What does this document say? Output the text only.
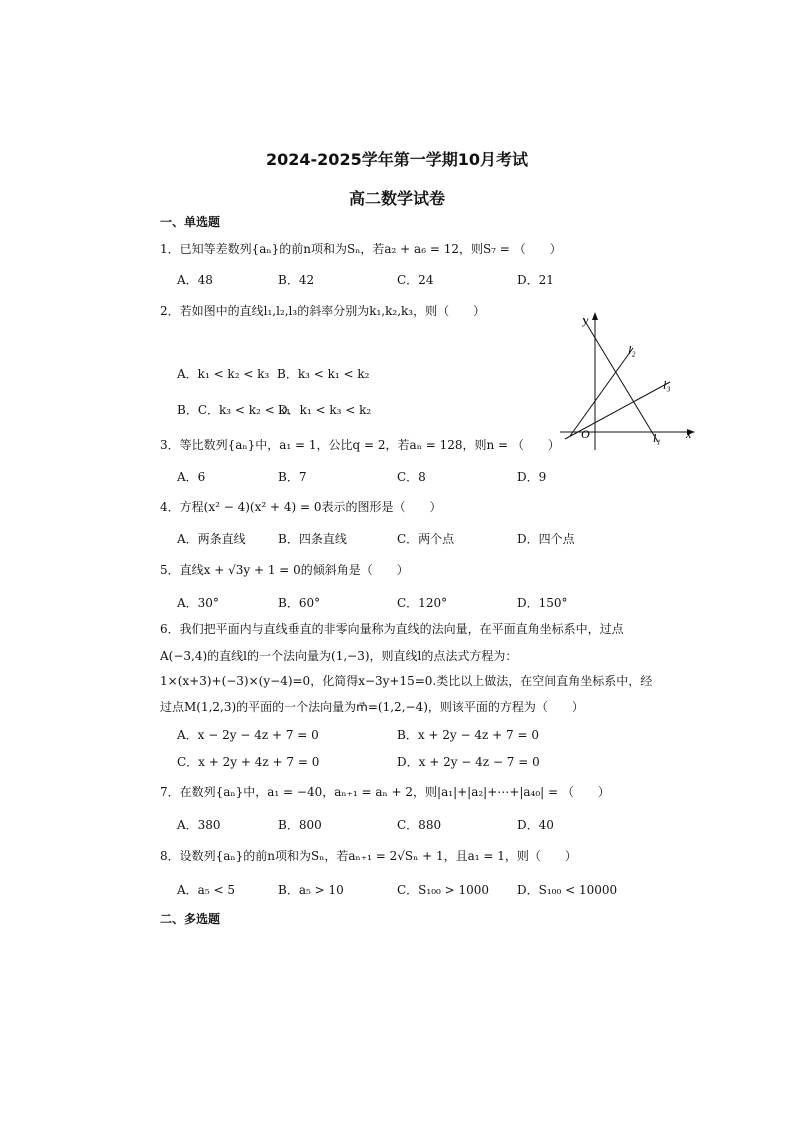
2024-2025学年第一学期10月考试
高二数学试卷
一、单选题
1．已知等差数列{aₙ}的前n项和为Sₙ，若a₂ + a₆ = 12，则S₇ = （　　）
A．48	B．42	C．24	D．21
2．若如图中的直线l₁,l₂,l₃的斜率分别为k₁,k₂,k₃，则（　　）
A．k₁ < k₂ < k₃ B．k₃ < k₁ < k₂
B．C．k₃ < k₂ < k₁
D．k₁ < k₃ < k₂
y
x
O	l₁
l₂
l₃
3．等比数列{aₙ}中，a₁ = 1，公比q = 2，若aₙ = 128，则n = （　　）
A．6	B．7	C．8	D．9
4．方程(x² − 4)(x² + 4) = 0表示的图形是（　　）
A．两条直线	B．四条直线	C．两个点	D．四个点
5．直线x + √3y + 1 = 0的倾斜角是（　　）
A．30°	B．60°	C．120°	D．150°
6．我们把平面内与直线垂直的非零向量称为直线的法向量，在平面直角坐标系中，过点
A(−3,4)的直线l的一个法向量为(1,−3)，则直线l的点法式方程为：
1×(x+3)+(−3)×(y−4)=0，化简得x−3y+15=0.类比以上做法，在空间直角坐标系中，经
过点M(1,2,3)的平面的一个法向量为m⃗=(1,2,−4)，则该平面的方程为（　　）
A．x − 2y − 4z + 7 = 0	B．x + 2y − 4z + 7 = 0
C．x + 2y + 4z + 7 = 0	D．x + 2y − 4z − 7 = 0
7．在数列{aₙ}中，a₁ = −40，aₙ₊₁ = aₙ + 2，则|a₁|+|a₂|+⋯+|a₄₀| = （　　）
A．380	B．800	C．880	D．40
8．设数列{aₙ}的前n项和为Sₙ，若aₙ₊₁ = 2√Sₙ + 1，且a₁ = 1，则（　　）
A．a₅ < 5	B．a₅ > 10	C．S₁₀₀ > 1000 D．S₁₀₀ < 10000
二、多选题
